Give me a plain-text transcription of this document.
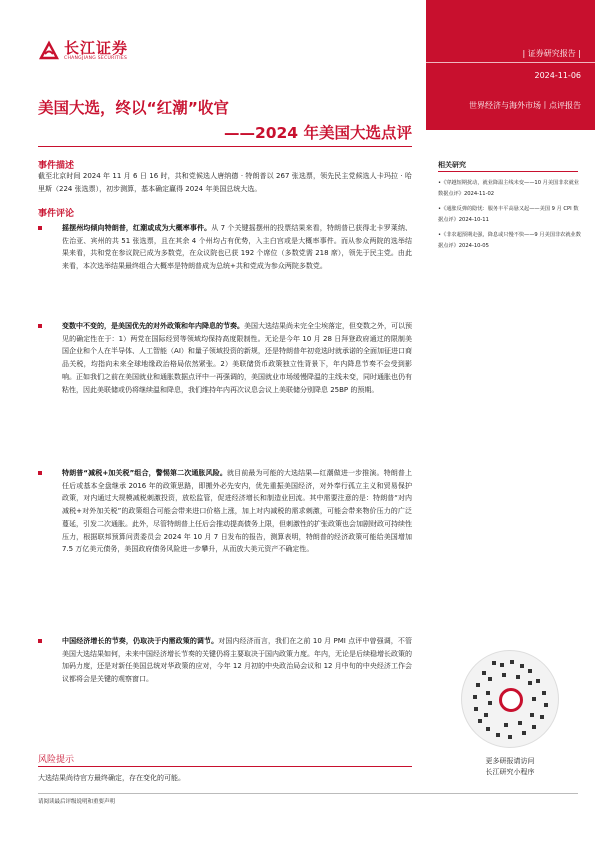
长江证券
CHANGJIANG SECURITIES
| 证券研究报告 |
2024-11-06
世界经济与海外市场丨点评报告
美国大选，终以“红潮”收官
——2024 年美国大选点评
事件描述
截至北京时间 2024 年 11 月 6 日 16 时，共和党候选人唐纳德 · 特朗普以 267 张选票，领先民主党候选人卡玛拉 · 哈里斯（224 张选票），初步测算，基本确定赢得 2024 年美国总统大选。
事件评论
摇摆州均倾向特朗普，红潮或成为大概率事件。从 7 个关键摇摆州的投票结果来看，特朗普已获得北卡罗莱纳、佐治亚、宾州的共 51 张选票，且在其余 4 个州均占有优势，入主白宫或是大概率事件。而从参众两院的选举结果来看，共和党在参议院已成为多数党，在众议院也已获 192 个席位（多数党需 218 席），领先于民主党。由此来看，本次选举结果最终组合大概率是特朗普成为总统+共和党成为参众两院多数党。
变数中不变的，是美国优先的对外政策和年内降息的节奏。美国大选结果尚未完全尘埃落定，但变数之外，可以预见的确定性在于：1）两党在国际经贸等领域均保持高度限制性。无论是今年 10 月 28 日拜登政府通过的限制美国企业和个人在半导体、人工智能（AI）和量子领域投资的新规，还是特朗普年初竞选时就承诺的全面加征进口商品关税，均指向未来全球地缘政治格局依然紧张。2）美联储货币政策独立性背景下，年内降息节奏不会受到影响。正如我们之前在美国就业和通胀数据点评中一再强调的，美国就业市场缓慢降温的主线未变，同时通胀也仍有粘性，因此美联储或仍将继续温和降息，我们维持年内再次议息会议上美联储分别降息 25BP 的预期。
特朗普“减税+加关税”组合，警惕第二次通胀风险。就目前最为可能的大选结果—红潮做进一步推演。特朗普上任后或基本全盘继承 2016 年的政策思路，即搬外必先安内，优先重振美国经济，对外奉行孤立主义和贸易保护政策，对内通过大规模减税刺激投资，放松监管，促进经济增长和制造业回流。其中需要注意的是：特朗普“对内减税+对外加关税”的政策组合可能会带来进口价格上涨，加上对内减税的需求刺激，可能会带来物价压力的广泛蔓延，引发二次通胀。此外，尽管特朗普上任后会推动提高债务上限，但刺激性的扩张政策也会加剧财政可持续性压力，根据联邦预算问责委员会 2024 年 10 月 7 日发布的报告，测算表明，特朗普的经济政策可能给美国增加 7.5 万亿美元债务，美国政府债务风险进一步攀升，从而放大美元资产不确定性。
中国经济增长的节奏，仍取决于内需政策的调节。对国内经济而言，我们在之前 10 月 PMI 点评中曾强调，不管美国大选结果如何，未来中国经济增长节奏的关键仍将主要取决于国内政策力度。年内，无论是后续稳增长政策的加码力度，还是对新任美国总统对华政策的应对，今年 12 月初的中央政治局会议和 12 月中旬的中央经济工作会议都将会是关键的观察窗口。
相关研究
•《穿越短期扰动，就业降温主线未变——10 月美国非农就业数据点评》2024-11-02
•《通胀反弹的隐忧：服务丰平高悬又起——美国 9 月 CPI 数据点评》2024-10-11
•《非农超预期走强，降息或只慢不快——9 月美国非农就业数据点评》2024-10-05
更多研报请访问
长江研究小程序
风险提示
大选结果尚待官方最终确定，存在变化的可能。
请阅读最后评级说明和重要声明
